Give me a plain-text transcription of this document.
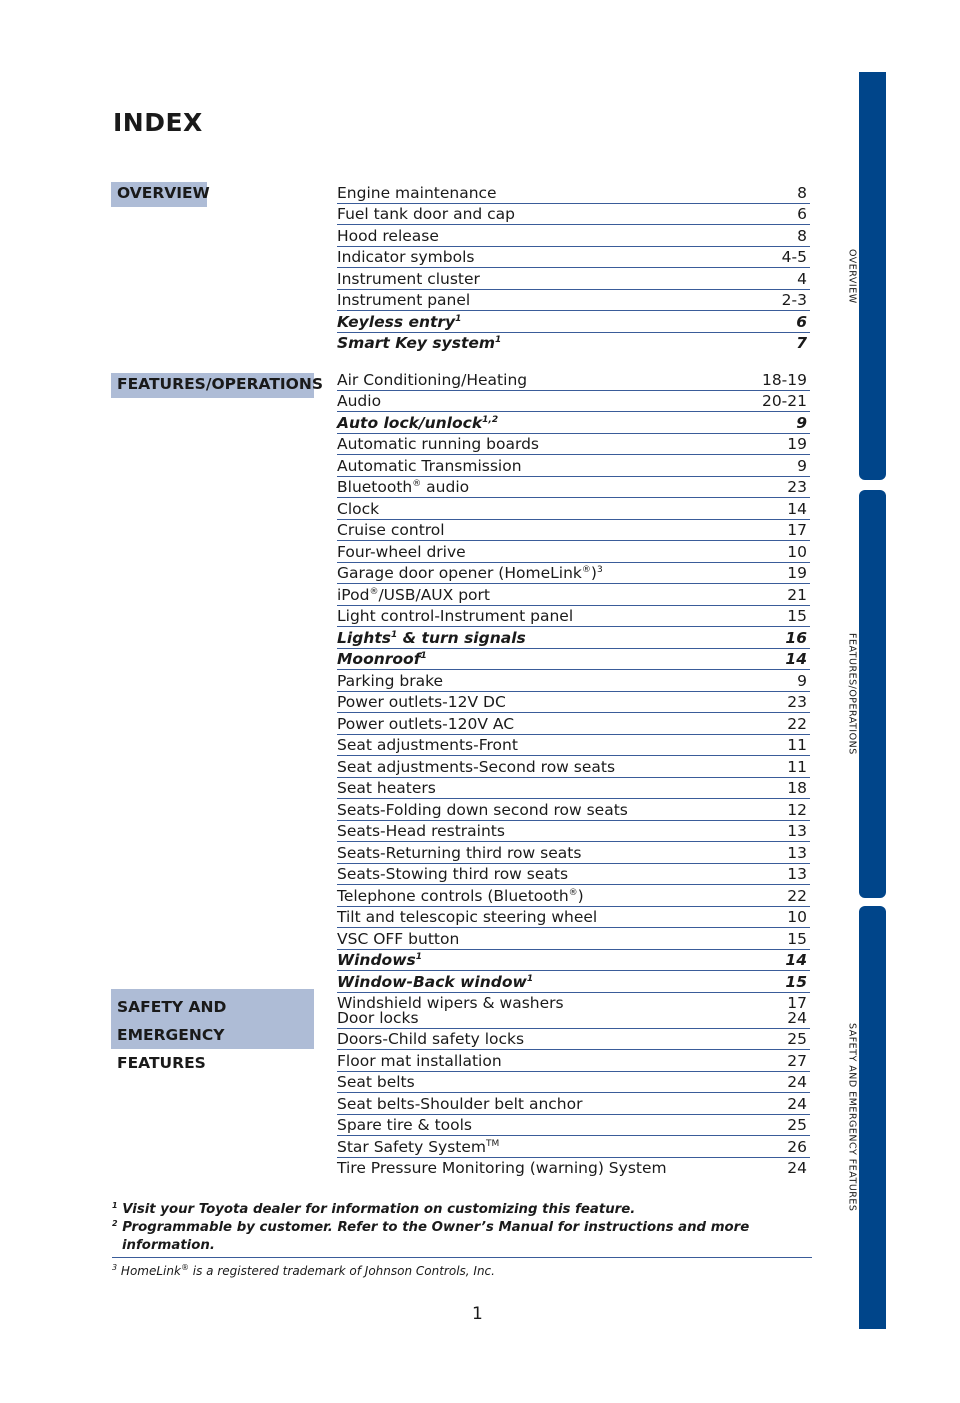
INDEX
OVERVIEW
FEATURES/OPERATIONS
SAFETY AND
EMERGENCY FEATURES
Engine maintenance	8
Fuel tank door and cap	6
Hood release	8
Indicator symbols	4-5
Instrument cluster	4
Instrument panel	2-3
Keyless entry$^1$	6
Smart Key system$^1$	7
Air Conditioning/Heating	18-19
Audio	20-21
Auto lock/unlock$^{1,2}$	9
Automatic running boards	19
Automatic Transmission	9
Bluetooth® audio	23
Clock	14
Cruise control	17
Four-wheel drive	10
Garage door opener (HomeLink®)$^3$	19
iPod®/USB/AUX port	21
Light control-Instrument panel	15
Lights$^1$ & turn signals	16
Moonroof$^1$	14
Parking brake	9
Power outlets-12V DC	23
Power outlets-120V AC	22
Seat adjustments-Front	11
Seat adjustments-Second row seats	11
Seat heaters	18
Seats-Folding down second row seats	12
Seats-Head restraints	13
Seats-Returning third row seats	13
Seats-Stowing third row seats	13
Telephone controls (Bluetooth®)	22
Tilt and telescopic steering wheel	10
VSC OFF button	15
Windows$^1$	14
Window-Back window$^1$	15
Windshield wipers & washers	17
Door locks	24
Doors-Child safety locks	25
Floor mat installation	27
Seat belts	24
Seat belts-Shoulder belt anchor	24
Spare tire & tools	25
Star Safety System™	26
Tire Pressure Monitoring (warning) System	24
$^1$ Visit your Toyota dealer for information on customizing this feature.
$^2$ Programmable by customer. Refer to the Owner’s Manual for instructions and more
information.
$^3$ HomeLink® is a registered trademark of Johnson Controls, Inc.
1
OVERVIEW
FEATURES/OPERATIONS
SAFETY AND EMERGENCY FEATURES
